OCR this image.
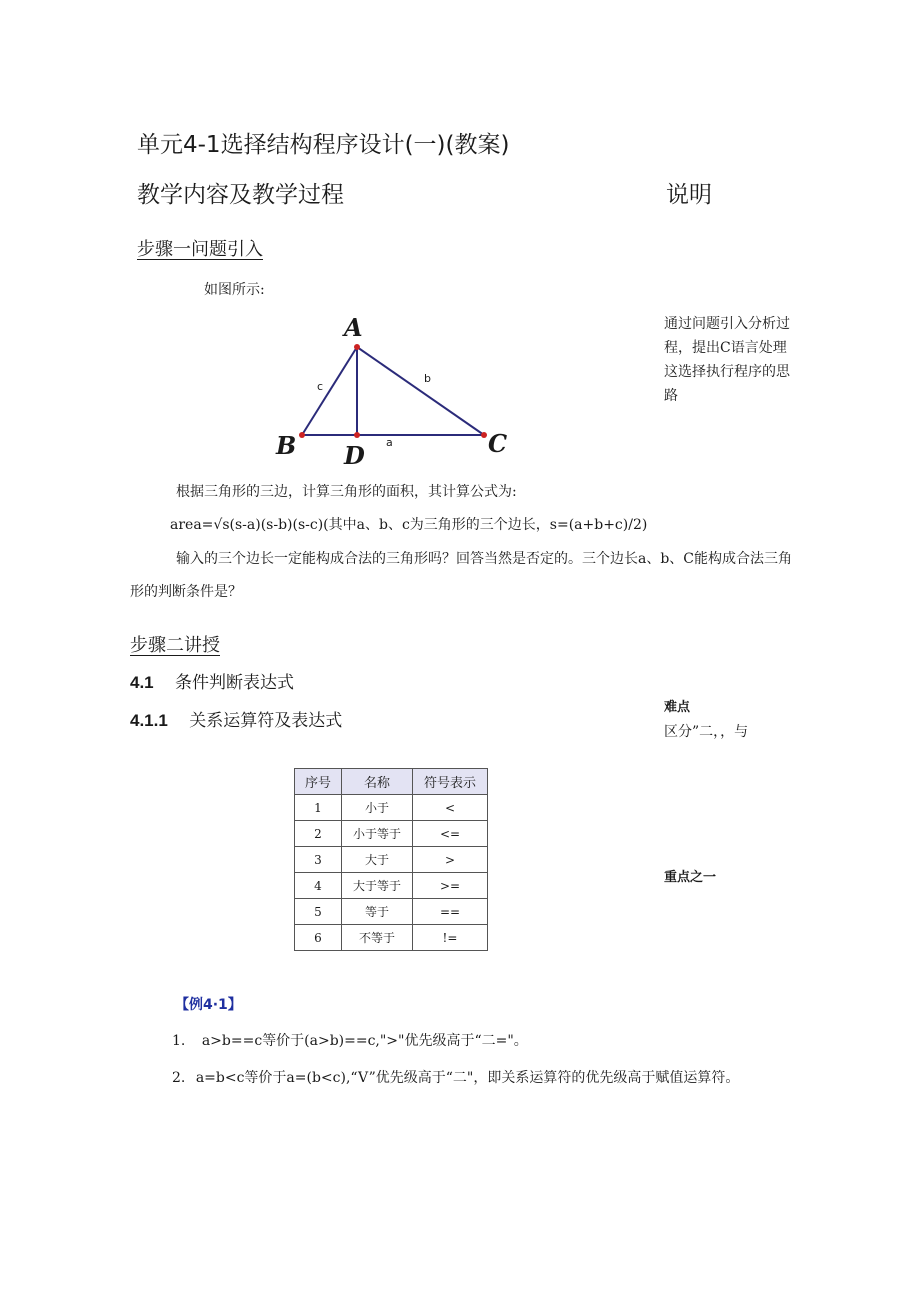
单元4-1选择结构程序设计(一)(教案)
教学内容及教学过程	说明
步骤一问题引入
如图所示:
A
B	C
D a
b
c
通过问题引入分析过程，提出C语言处理这选择执行程序的思路
根据三角形的三边，计算三角形的面积，其计算公式为:
area=√s(s-a)(s-b)(s-c)(其中a、b、c为三角形的三个边长，s=(a+b+c)/2)
输入的三个边长一定能构成合法的三角形吗？回答当然是否定的。三个边长a、b、C能构成合法三角
形的判断条件是？
步骤二讲授
4.1 条件判断表达式
4.1.1 关系运算符及表达式
难点
区分”二，，与
序号	名称	符号表示
1	小于	<
2	小于等于	<=
3	大于	>
4	大于等于	>=
5	等于	==
6	不等于	!=
重点之一
【例4·1】
1. a>b==c等价于(a>b)==c,">"优先级高于“二="。
2. a=b<c等价于a=(b<c),“V”优先级高于“二"，即关系运算符的优先级高于赋值运算符。
